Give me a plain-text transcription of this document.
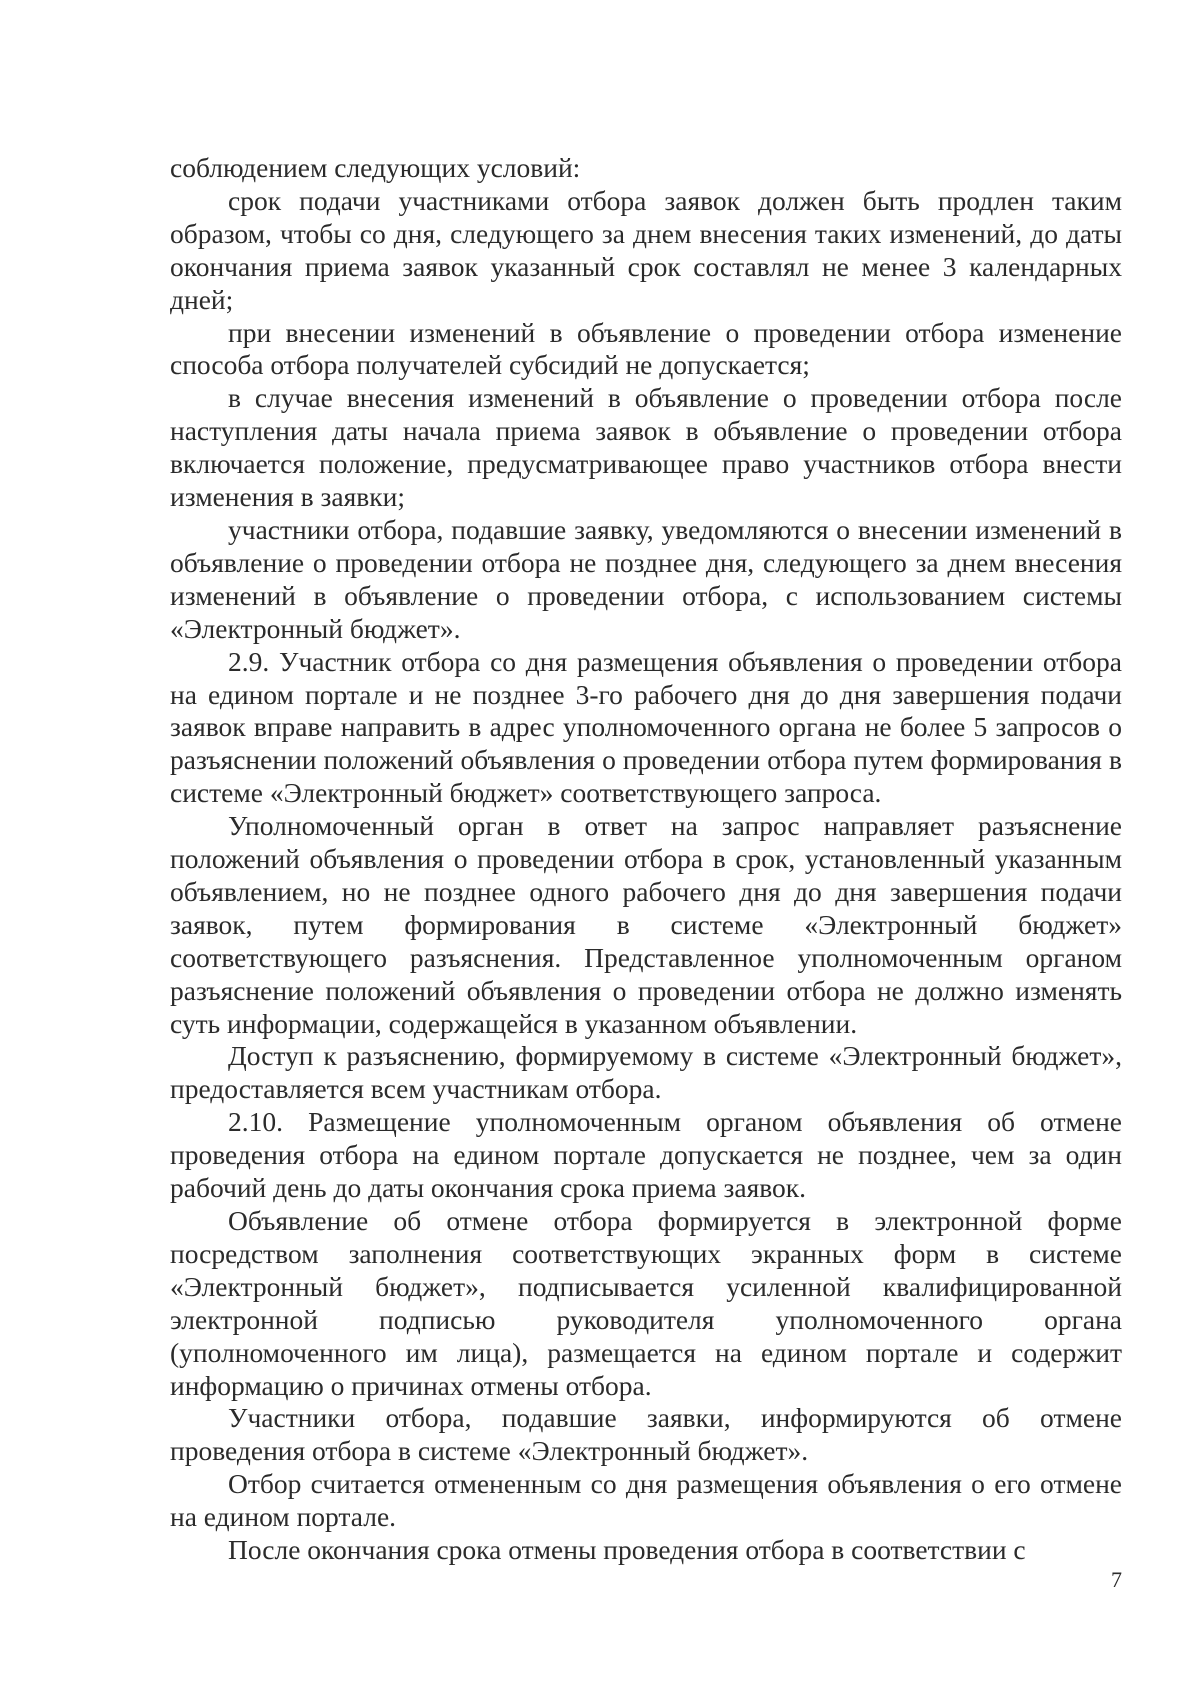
соблюдением следующих условий:

срок подачи участниками отбора заявок должен быть продлен таким образом, чтобы со дня, следующего за днем внесения таких изменений, до даты окончания приема заявок указанный срок составлял не менее 3 календарных дней;

при внесении изменений в объявление о проведении отбора изменение способа отбора получателей субсидий не допускается;

в случае внесения изменений в объявление о проведении отбора после наступления даты начала приема заявок в объявление о проведении отбора включается положение, предусматривающее право участников отбора внести изменения в заявки;

участники отбора, подавшие заявку, уведомляются о внесении изменений в объявление о проведении отбора не позднее дня, следующего за днем внесения изменений в объявление о проведении отбора, с использованием системы «Электронный бюджет».

2.9. Участник отбора со дня размещения объявления о проведении отбора на едином портале и не позднее 3-го рабочего дня до дня завершения подачи заявок вправе направить в адрес уполномоченного органа не более 5 запросов о разъяснении положений объявления о проведении отбора путем формирования в системе «Электронный бюджет» соответствующего запроса.

Уполномоченный орган в ответ на запрос направляет разъяснение положений объявления о проведении отбора в срок, установленный указанным объявлением, но не позднее одного рабочего дня до дня завершения подачи заявок, путем формирования в системе «Электронный бюджет» соответствующего разъяснения. Представленное уполномоченным органом разъяснение положений объявления о проведении отбора не должно изменять суть информации, содержащейся в указанном объявлении.

Доступ к разъяснению, формируемому в системе «Электронный бюджет», предоставляется всем участникам отбора.

2.10. Размещение уполномоченным органом объявления об отмене проведения отбора на едином портале допускается не позднее, чем за один рабочий день до даты окончания срока приема заявок.

Объявление об отмене отбора формируется в электронной форме посредством заполнения соответствующих экранных форм в системе «Электронный бюджет», подписывается усиленной квалифицированной электронной подписью руководителя уполномоченного органа (уполномоченного им лица), размещается на едином портале и содержит информацию о причинах отмены отбора.

Участники отбора, подавшие заявки, информируются об отмене проведения отбора в системе «Электронный бюджет».

Отбор считается отмененным со дня размещения объявления о его отмене на едином портале.

После окончания срока отмены проведения отбора в соответствии с

7
